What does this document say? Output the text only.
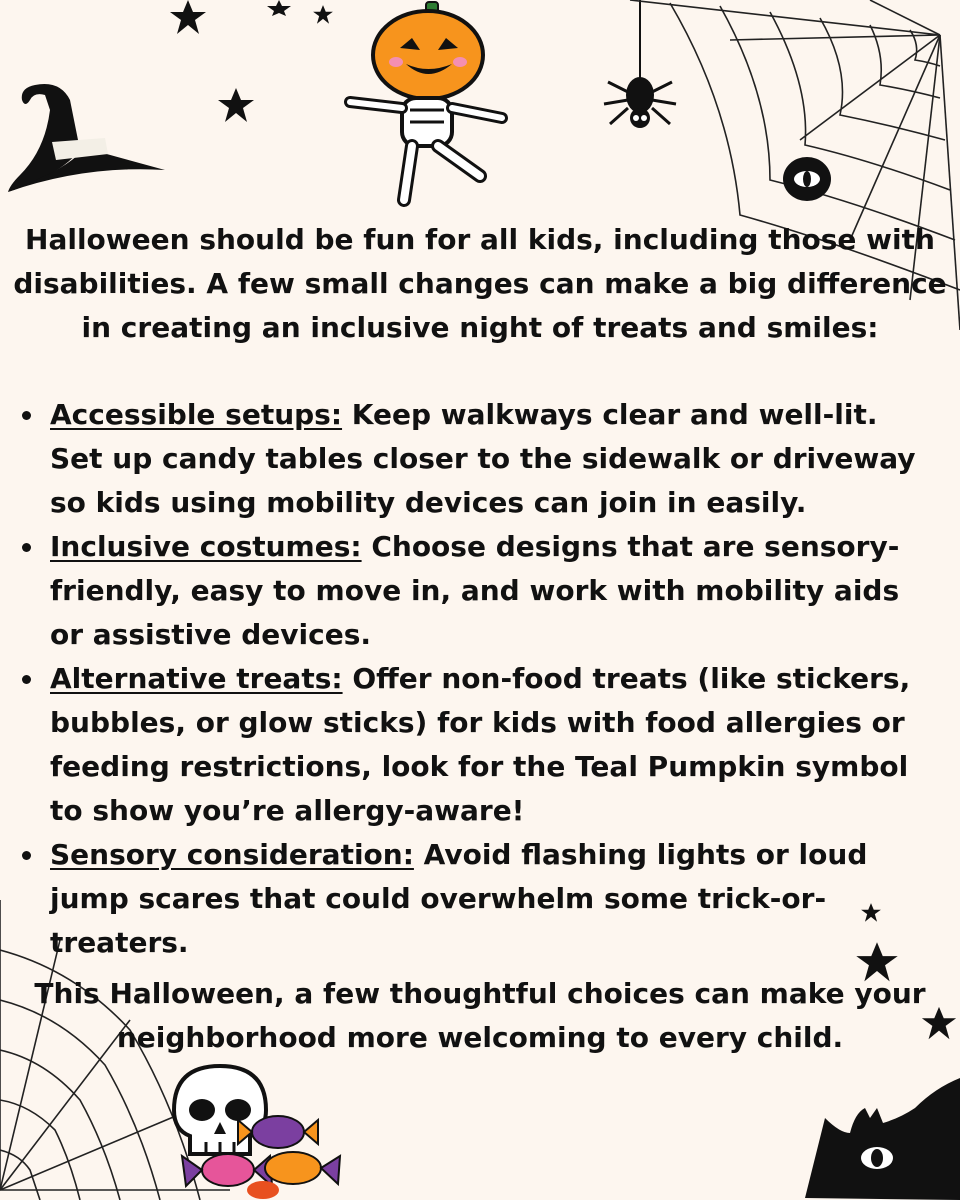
Halloween should be fun for all kids, including those with disabilities. A few small changes can make a big difference in creating an inclusive night of treats and smiles:
Accessible setups: Keep walkways clear and well-lit. Set up candy tables closer to the sidewalk or driveway so kids using mobility devices can join in easily.
Inclusive costumes: Choose designs that are sensory-friendly, easy to move in, and work with mobility aids or assistive devices.
Alternative treats: Offer non-food treats (like stickers, bubbles, or glow sticks) for kids with food allergies or feeding restrictions, look for the Teal Pumpkin symbol to show you’re allergy-aware!
Sensory consideration: Avoid flashing lights or loud jump scares that could overwhelm some trick-or-treaters.
This Halloween, a few thoughtful choices can make your neighborhood more welcoming to every child.
